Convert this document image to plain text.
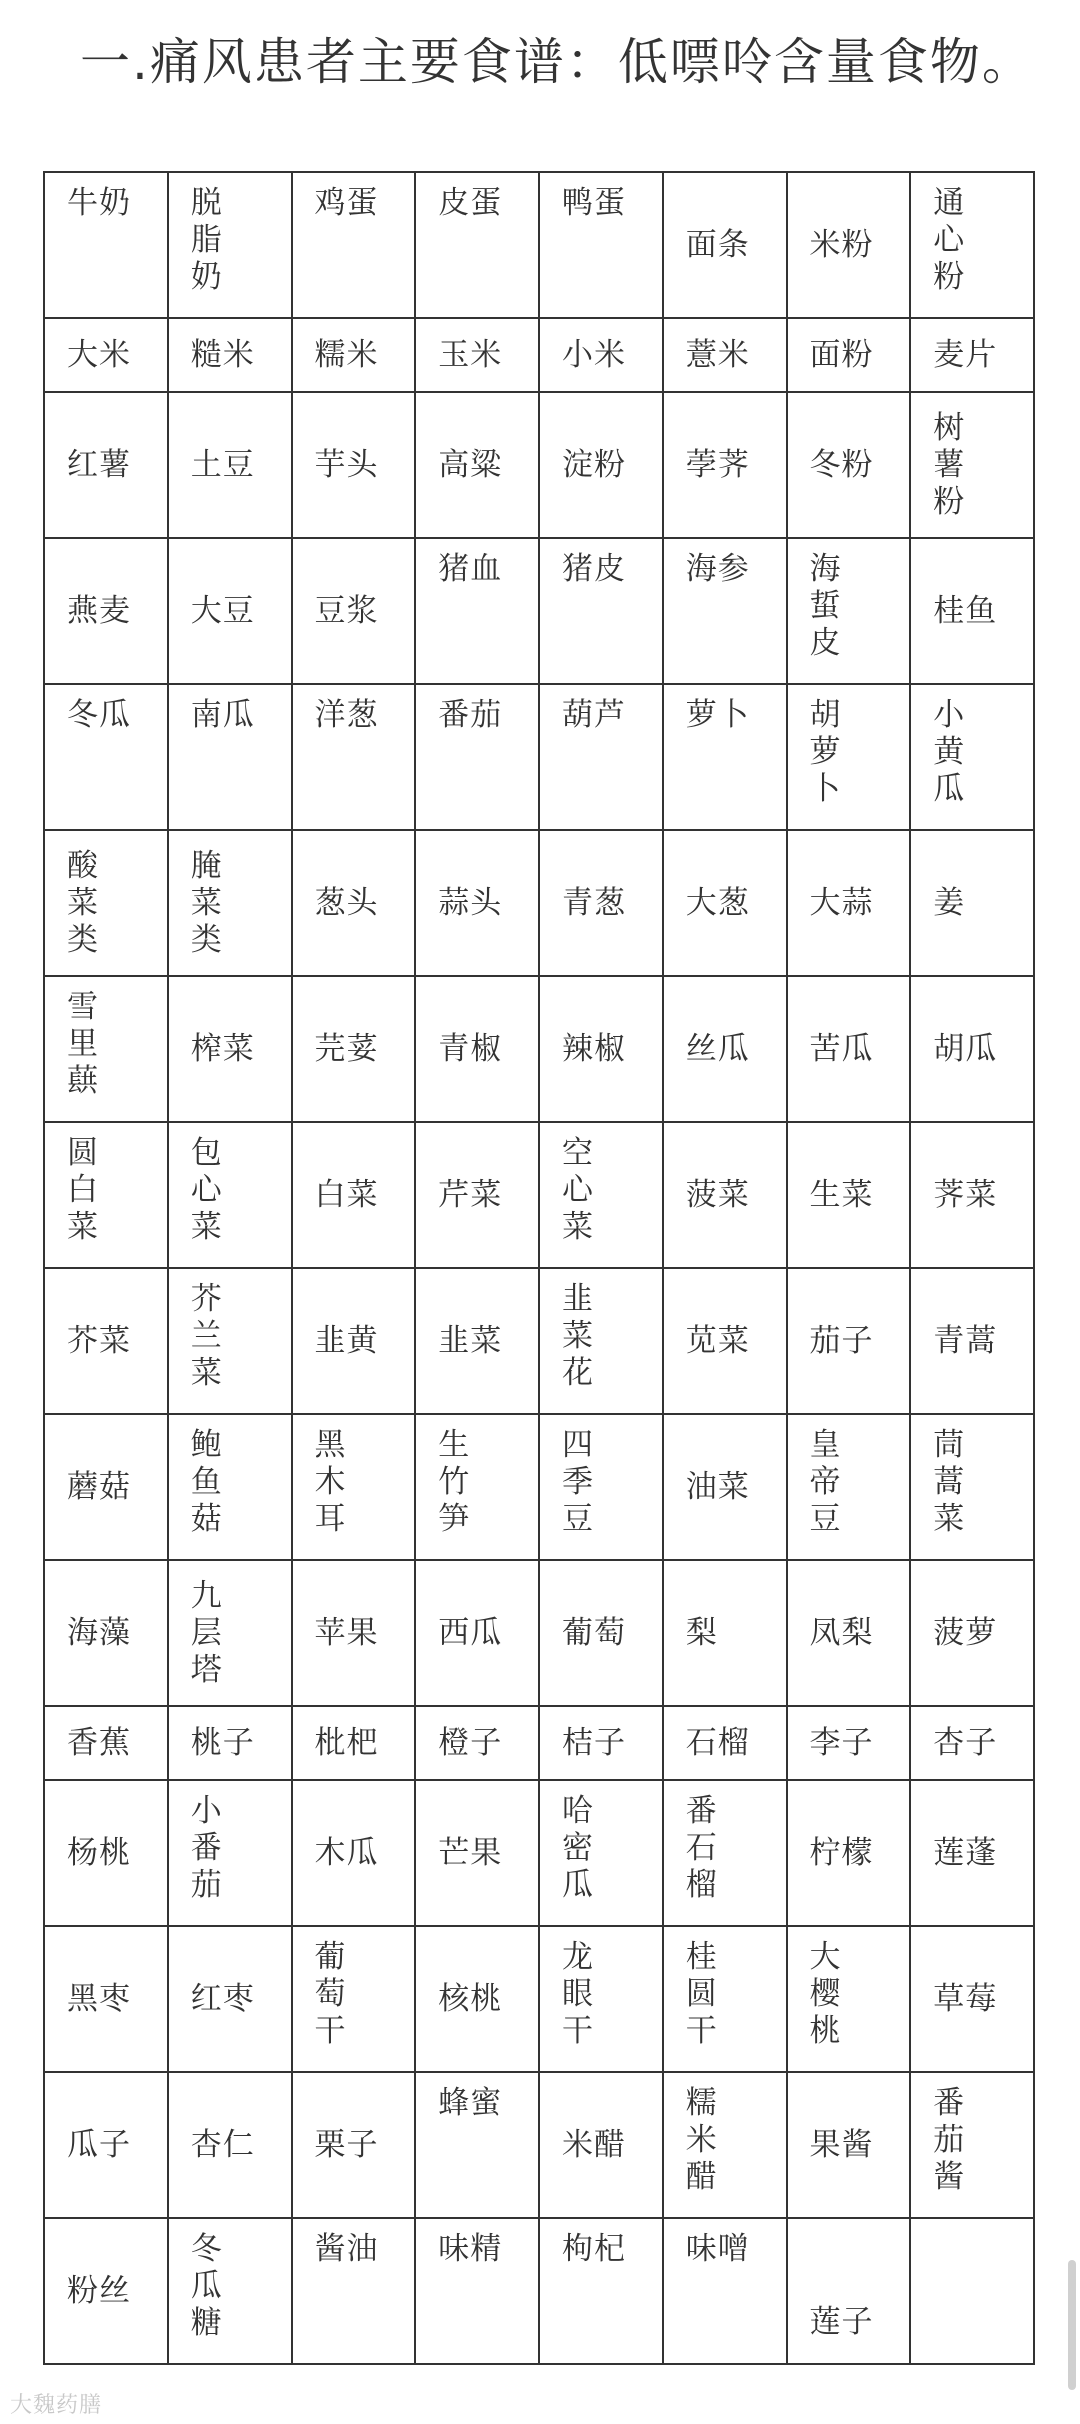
一.痛风患者主要食谱：低嘌呤含量食物。
牛奶	脱脂奶	鸡蛋	皮蛋	鸭蛋	面条	米粉	通心粉

大米	糙米	糯米	玉米	小米	薏米	面粉	麦片

红薯	土豆	芋头	高粱	淀粉	荸荠	冬粉	树薯粉

燕麦	大豆	豆浆	猪血	猪皮	海参	海蜇皮	桂鱼

冬瓜	南瓜	洋葱	番茄	葫芦	萝卜	胡萝卜	小黄瓜

酸菜类	腌菜类	葱头	蒜头	青葱	大葱	大蒜	姜

雪里蕻	榨菜	芫荽	青椒	辣椒	丝瓜	苦瓜	胡瓜

圆白菜	包心菜	白菜	芹菜	空心菜	菠菜	生菜	荠菜

芥菜	芥兰菜	韭黄	韭菜	韭菜花	苋菜	茄子	青蒿

蘑菇	鲍鱼菇	黑木耳	生竹笋	四季豆	油菜	皇帝豆	茼蒿菜

海藻	九层塔	苹果	西瓜	葡萄	梨	凤梨	菠萝

香蕉	桃子	枇杷	橙子	桔子	石榴	李子	杏子

杨桃	小番茄	木瓜	芒果	哈密瓜	番石榴	柠檬	莲蓬

黑枣	红枣	葡萄干	核桃	龙眼干	桂圆干	大樱桃	草莓

瓜子	杏仁	栗子	蜂蜜	米醋	糯米醋	果酱	番茄酱

粉丝	冬瓜糖	酱油	味精	枸杞	味噌	莲子	

大魏药膳
